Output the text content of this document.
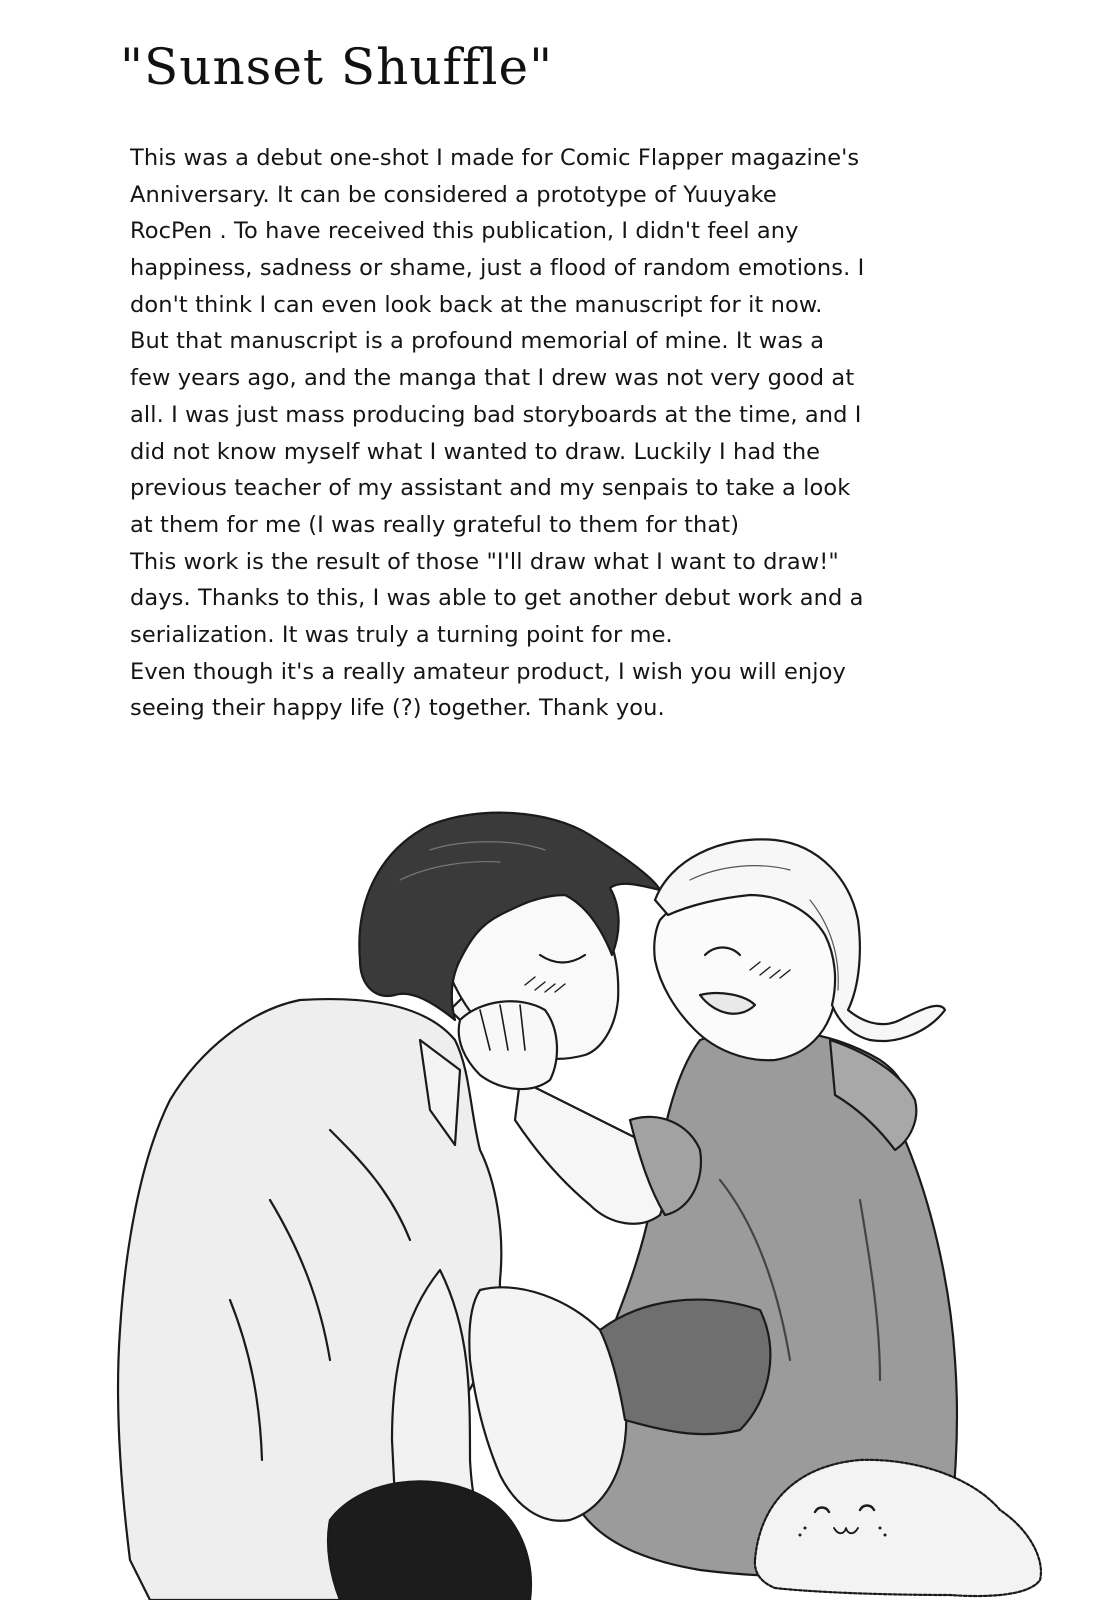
"Sunset Shuffle"
This was a debut one-shot I made for Comic Flapper magazine's
Anniversary. It can be considered a prototype of Yuuyake
RocPen . To have received this publication, I didn't feel any
happiness, sadness or shame, just a flood of random emotions. I
don't think I can even look back at the manuscript for it now.
But that manuscript is a profound memorial of mine. It was a
few years ago, and the manga that I drew was not very good at
all. I was just mass producing bad storyboards at the time, and I
did not know myself what I wanted to draw. Luckily I had the
previous teacher of my assistant and my senpais to take a look
at them for me (I was really grateful to them for that)
This work is the result of those "I'll draw what I want to draw!"
days. Thanks to this, I was able to get another debut work and a
serialization. It was truly a turning point for me.
Even though it's a really amateur product, I wish you will enjoy
seeing their happy life (?) together. Thank you.
